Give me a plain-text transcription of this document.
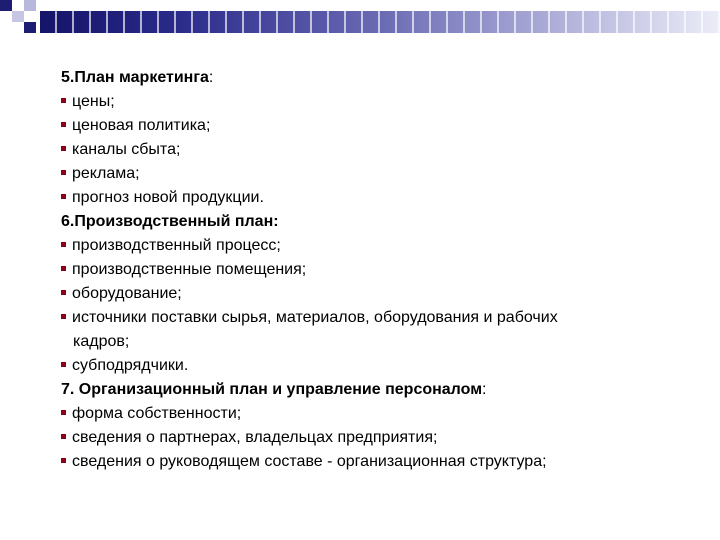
5.План маркетинга:
цены;
ценовая политика;
каналы сбыта;
реклама;
прогноз новой продукции.
6.Производственный план:
производственный процесс;
производственные помещения;
оборудование;
источники поставки сырья, материалов, оборудования и рабочих
кадров;
субподрядчики.
7. Организационный план и управление персоналом:
форма собственности;
сведения о партнерах, владельцах предприятия;
сведения о руководящем составе - организационная структура;
